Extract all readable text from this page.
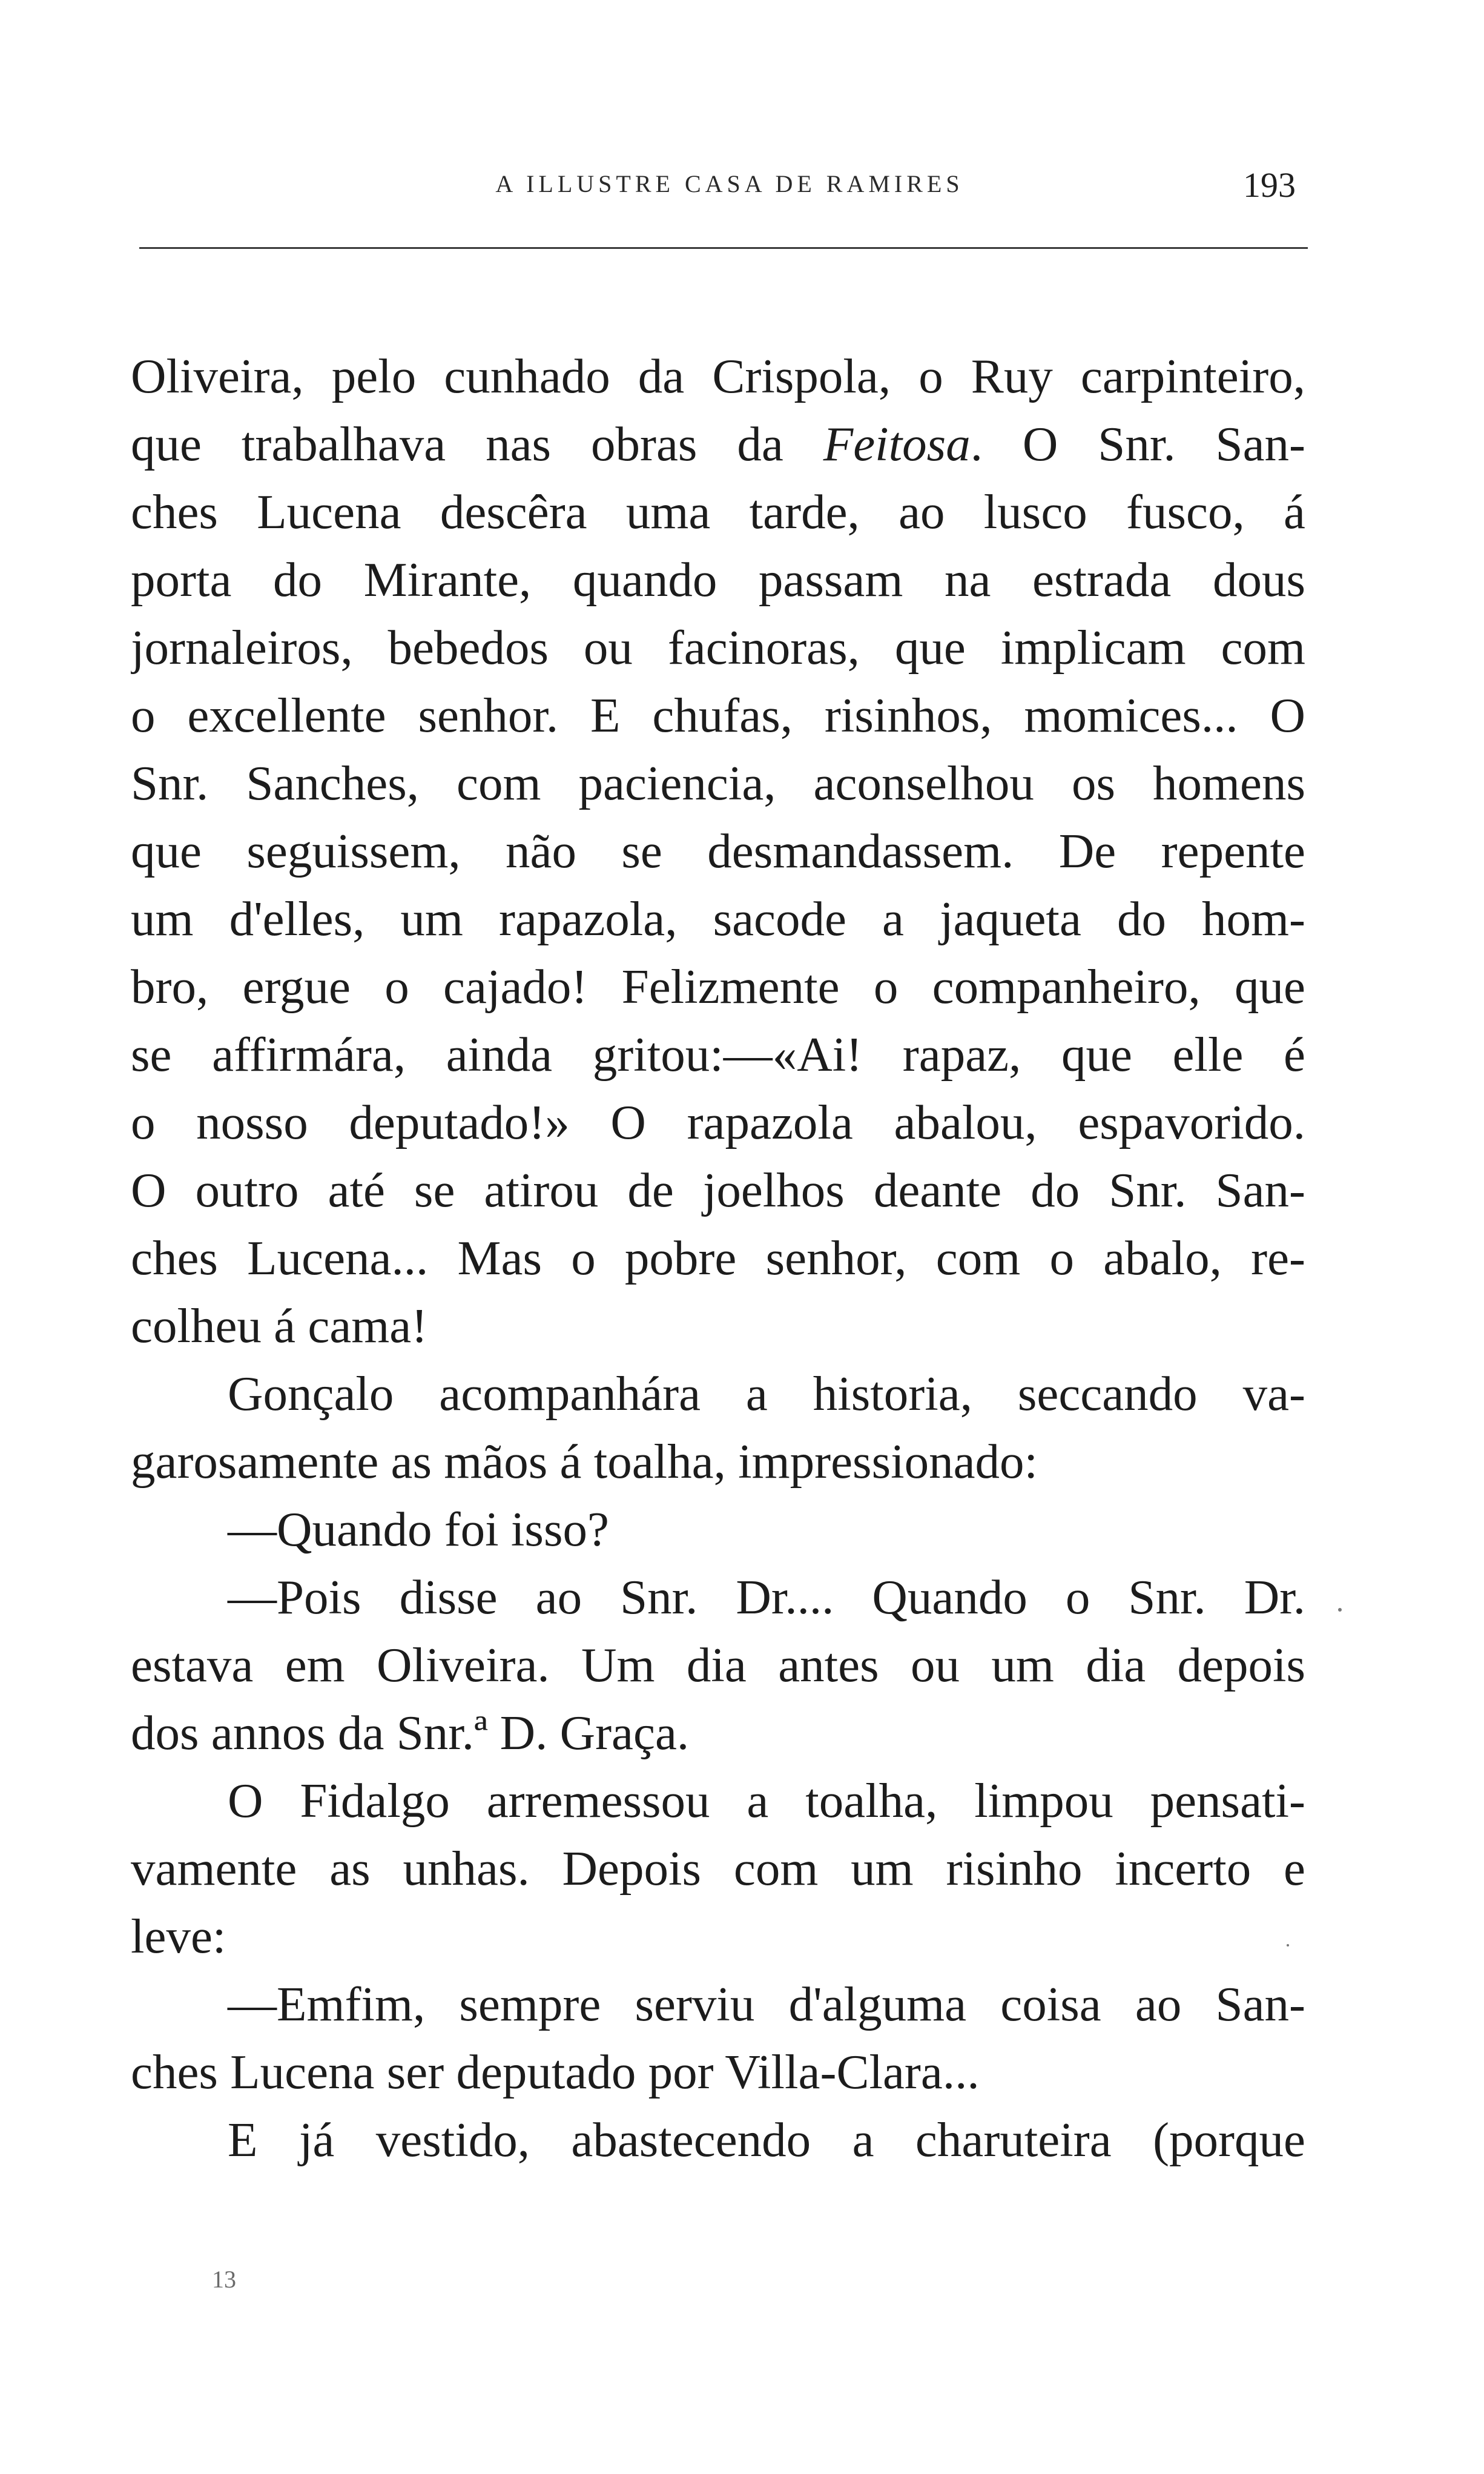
A ILLUSTRE CASA DE RAMIRES	193
Oliveira, pelo cunhado da Crispola, o Ruy carpinteiro,
que trabalhava nas obras da Feitosa. O Snr. San-
ches Lucena descêra uma tarde, ao lusco fusco, á
porta do Mirante, quando passam na estrada dous
jornaleiros, bebedos ou facinoras, que implicam com
o excellente senhor. E chufas, risinhos, momices... O
Snr. Sanches, com paciencia, aconselhou os homens
que seguissem, não se desmandassem. De repente
um d'elles, um rapazola, sacode a jaqueta do hom-
bro, ergue o cajado! Felizmente o companheiro, que
se affirmára, ainda gritou:—«Ai! rapaz, que elle é
o nosso deputado!» O rapazola abalou, espavorido.
O outro até se atirou de joelhos deante do Snr. San-
ches Lucena... Mas o pobre senhor, com o abalo, re-
colheu á cama!
Gonçalo acompanhára a historia, seccando va-
garosamente as mãos á toalha, impressionado:
—Quando foi isso?
—Pois disse ao Snr. Dr.... Quando o Snr. Dr.
estava em Oliveira. Um dia antes ou um dia depois
dos annos da Snr.ª D. Graça.
O Fidalgo arremessou a toalha, limpou pensati-
vamente as unhas. Depois com um risinho incerto e
leve:
—Emfim, sempre serviu d'alguma coisa ao San-
ches Lucena ser deputado por Villa-Clara...
E já vestido, abastecendo a charuteira (porque
13
